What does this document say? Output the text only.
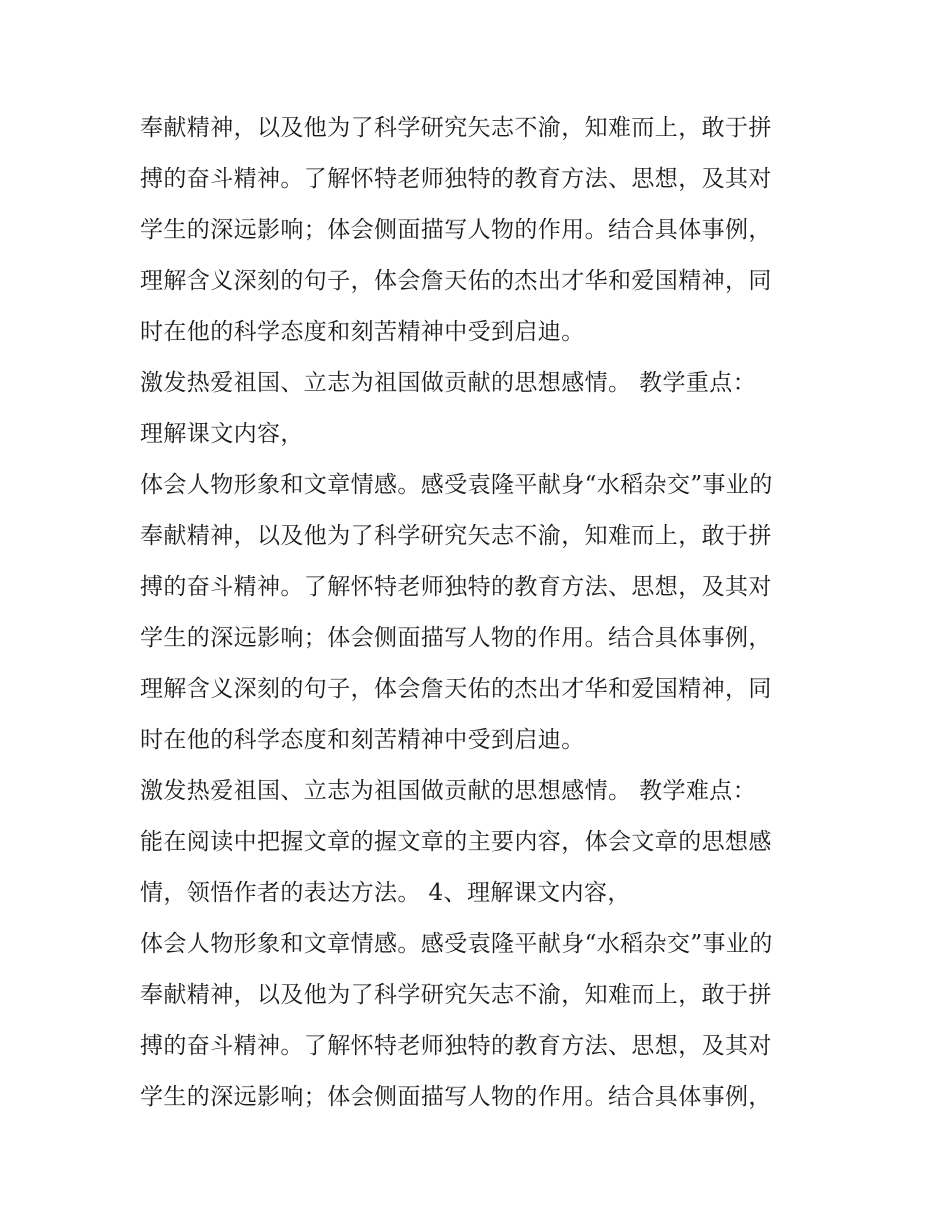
奉献精神，以及他为了科学研究矢志不渝，知难而上，敢于拼
搏的奋斗精神。了解怀特老师独特的教育方法、思想，及其对
学生的深远影响；体会侧面描写人物的作用。结合具体事例，
理解含义深刻的句子，体会詹天佑的杰出才华和爱国精神，同
时在他的科学态度和刻苦精神中受到启迪。
激发热爱祖国、立志为祖国做贡献的思想感情。 教学重点：
理解课文内容，
体会人物形象和文章情感。感受袁隆平献身“水稻杂交”事业的
奉献精神，以及他为了科学研究矢志不渝，知难而上，敢于拼
搏的奋斗精神。了解怀特老师独特的教育方法、思想，及其对
学生的深远影响；体会侧面描写人物的作用。结合具体事例，
理解含义深刻的句子，体会詹天佑的杰出才华和爱国精神，同
时在他的科学态度和刻苦精神中受到启迪。
激发热爱祖国、立志为祖国做贡献的思想感情。 教学难点：
能在阅读中把握文章的握文章的主要内容，体会文章的思想感
情，领悟作者的表达方法。 4、理解课文内容，
体会人物形象和文章情感。感受袁隆平献身“水稻杂交”事业的
奉献精神，以及他为了科学研究矢志不渝，知难而上，敢于拼
搏的奋斗精神。了解怀特老师独特的教育方法、思想，及其对
学生的深远影响；体会侧面描写人物的作用。结合具体事例，
